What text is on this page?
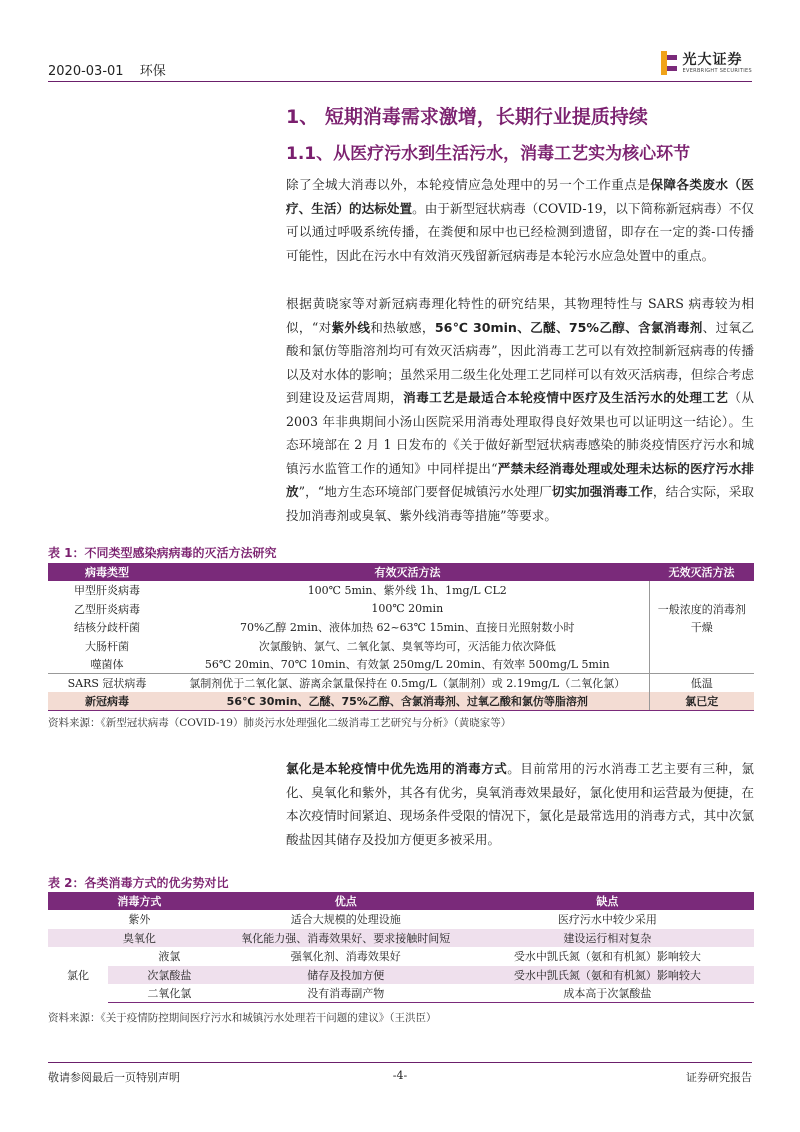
2020-03-01 环保
光大证券
EVERBRIGHT SECURITIES
1、 短期消毒需求激增，长期行业提质持续
1.1、从医疗污水到生活污水，消毒工艺实为核心环节
除了全城大消毒以外，本轮疫情应急处理中的另一个工作重点是保障各类废水（医疗、生活）的达标处置。由于新型冠状病毒（COVID-19，以下简称新冠病毒）不仅可以通过呼吸系统传播，在粪便和尿中也已经检测到遗留，即存在一定的粪-口传播可能性，因此在污水中有效消灭残留新冠病毒是本轮污水应急处置中的重点。
根据黄晓家等对新冠病毒理化特性的研究结果，其物理特性与 SARS 病毒较为相似，“对紫外线和热敏感，56℃ 30min、乙醚、75%乙醇、含氯消毒剂、过氧乙酸和氯仿等脂溶剂均可有效灭活病毒”，因此消毒工艺可以有效控制新冠病毒的传播以及对水体的影响；虽然采用二级生化处理工艺同样可以有效灭活病毒，但综合考虑到建设及运营周期，消毒工艺是最适合本轮疫情中医疗及生活污水的处理工艺（从 2003 年非典期间小汤山医院采用消毒处理取得良好效果也可以证明这一结论）。生态环境部在 2 月 1 日发布的《关于做好新型冠状病毒感染的肺炎疫情医疗污水和城镇污水监管工作的通知》中同样提出“严禁未经消毒处理或处理未达标的医疗污水排放”，“地方生态环境部门要督促城镇污水处理厂切实加强消毒工作，结合实际，采取投加消毒剂或臭氧、紫外线消毒等措施”等要求。
表 1：不同类型感染病病毒的灭活方法研究
病毒类型	有效灭活方法	无效灭活方法
甲型肝炎病毒	100℃ 5min、紫外线 1h、1mg/L CL2	
乙型肝炎病毒	100℃ 20min	一般浓度的消毒剂
结核分歧杆菌	70%乙醇 2min、液体加热 62~63℃ 15min、直接日光照射数小时	干燥
大肠杆菌	次氯酸钠、氯气、二氧化氯、臭氧等均可，灭活能力依次降低	
噬菌体	56℃ 20min、70℃ 10min、有效氯 250mg/L 20min、有效率 500mg/L 5min	
SARS 冠状病毒	氯制剂优于二氧化氯、游离余氯量保持在 0.5mg/L（氯制剂）或 2.19mg/L（二氧化氯）	低温
新冠病毒	56℃ 30min、乙醚、75%乙醇、含氯消毒剂、过氧乙酸和氯仿等脂溶剂	氯已定
资料来源：《新型冠状病毒（COVID-19）肺炎污水处理强化二级消毒工艺研究与分析》（黄晓家等）
氯化是本轮疫情中优先选用的消毒方式。目前常用的污水消毒工艺主要有三种，氯化、臭氧化和紫外，其各有优劣，臭氧消毒效果最好，氯化使用和运营最为便捷，在本次疫情时间紧迫、现场条件受限的情况下，氯化是最常选用的消毒方式，其中次氯酸盐因其储存及投加方便更多被采用。
表 2：各类消毒方式的优劣势对比
消毒方式		优点	缺点
紫外		适合大规模的处理设施	医疗污水中较少采用
臭氧化		氧化能力强、消毒效果好、要求接触时间短	建设运行相对复杂
氯化	液氯	强氧化剂、消毒效果好	受水中凯氏氮（氨和有机氮）影响较大
	次氯酸盐	储存及投加方便	受水中凯氏氮（氨和有机氮）影响较大
	二氧化氯	没有消毒副产物	成本高于次氯酸盐
资料来源：《关于疫情防控期间医疗污水和城镇污水处理若干问题的建议》（王洪臣）
敬请参阅最后一页特别声明	-4-	证券研究报告
